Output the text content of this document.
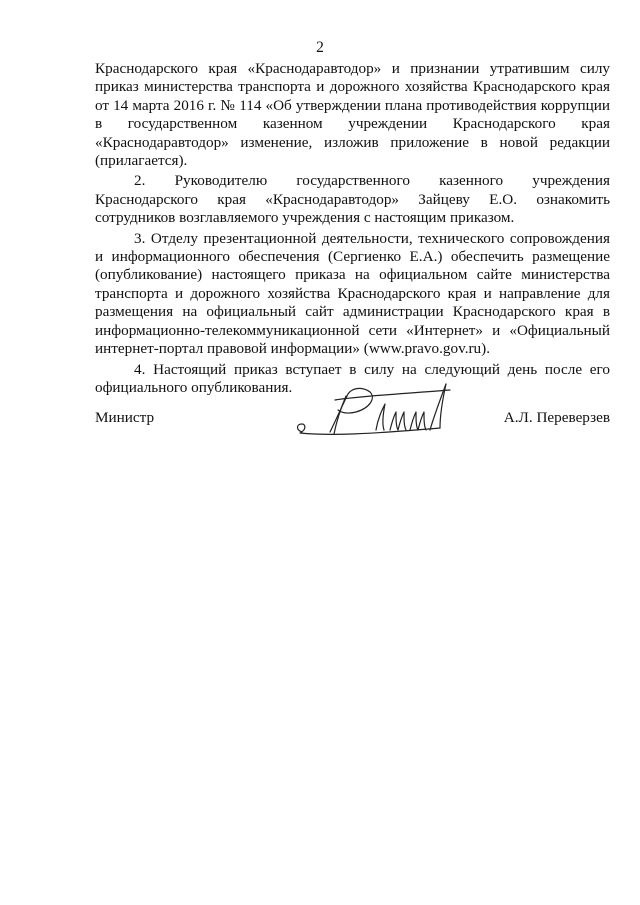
2

Краснодарского края «Краснодаравтодор» и признании утратившим силу приказ министерства транспорта и дорожного хозяйства Краснодарского края от 14 марта 2016 г. № 114 «Об утверждении плана противодействия коррупции в государственном казенном учреждении Краснодарского края «Краснодаравтодор» изменение, изложив приложение в новой редакции (прилагается).

2. Руководителю государственного казенного учреждения Краснодарского края «Краснодаравтодор» Зайцеву Е.О. ознакомить сотрудников возглавляемого учреждения с настоящим приказом.

3. Отделу презентационной деятельности, технического сопровождения и информационного обеспечения (Сергиенко Е.А.) обеспечить размещение (опубликование) настоящего приказа на официальном сайте министерства транспорта и дорожного хозяйства Краснодарского края и направление для размещения на официальный сайт администрации Краснодарского края в информационно-телекоммуникационной сети «Интернет» и «Официальный интернет-портал правовой информации» (www.pravo.gov.ru).

4. Настоящий приказ вступает в силу на следующий день после его официального опубликования.

Министр	А.Л. Переверзев
